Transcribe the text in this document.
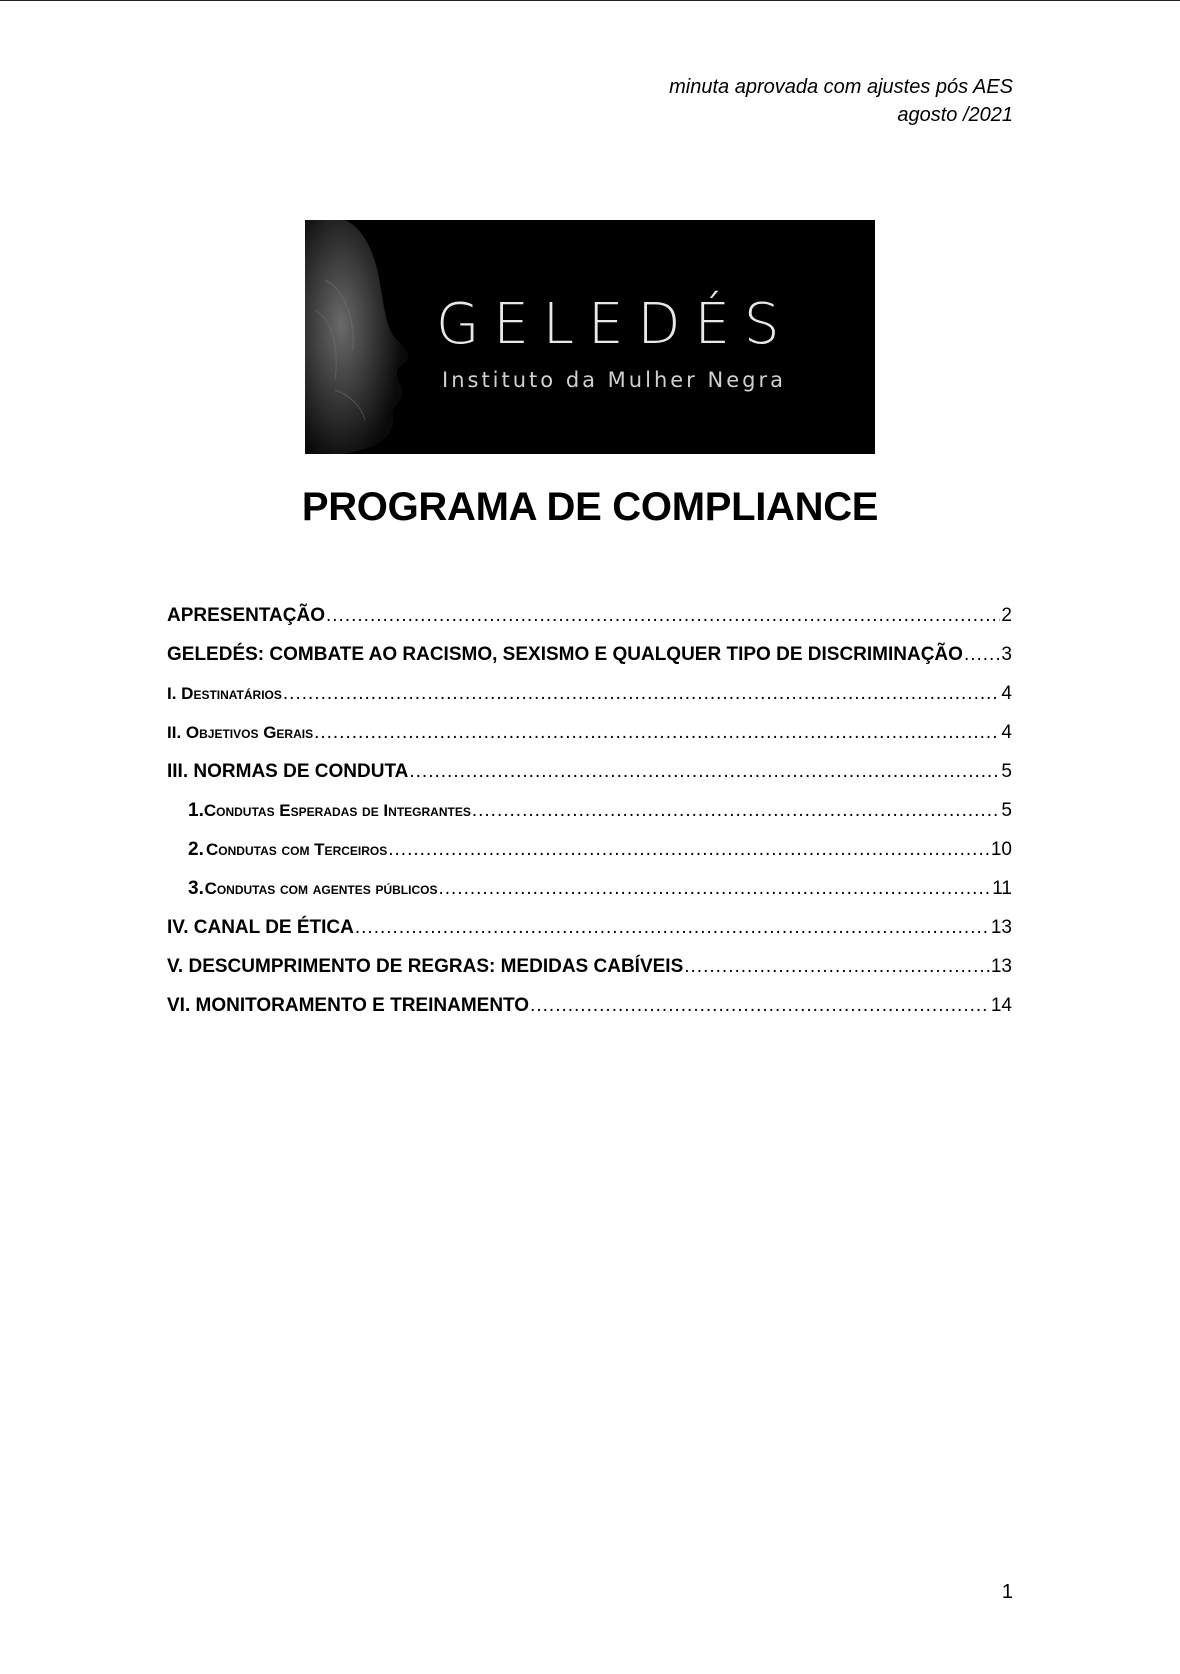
minuta aprovada com ajustes pós AES
agosto /2021
GELEDÉS
Instituto da Mulher Negra
PROGRAMA DE COMPLIANCE
APRESENTAÇÃO .....	2
GELEDÉS: COMBATE AO RACISMO, SEXISMO E QUALQUER TIPO DE DISCRIMINAÇÃO ..... 3
I. Destinatários .....	4
II. Objetivos Gerais .....	4
III. NORMAS DE CONDUTA .....	5
1. Condutas Esperadas de Integrantes .....	5
2. Condutas com Terceiros .....	10
3. Condutas com agentes públicos .....	11
IV. CANAL DE ÉTICA .....	13
V. DESCUMPRIMENTO DE REGRAS: MEDIDAS CABÍVEIS .....	13
VI. MONITORAMENTO E TREINAMENTO .....	14
1
